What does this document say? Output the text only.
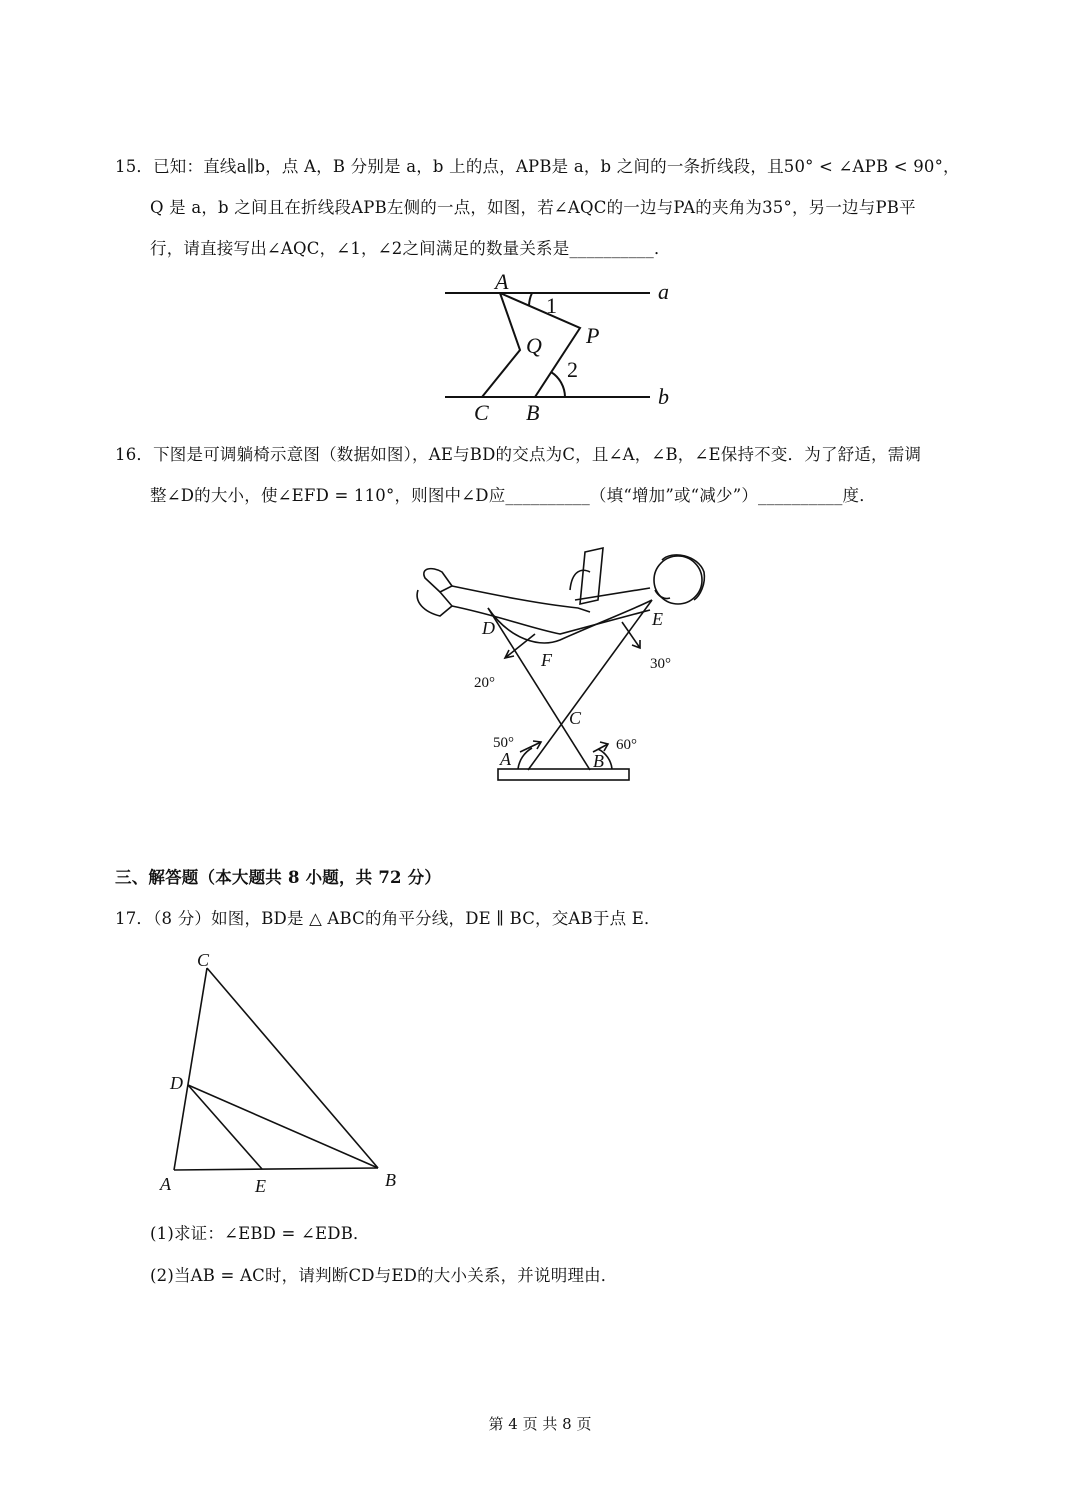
15．已知：直线a∥b，点 A，B 分别是 a，b 上的点，APB是 a，b 之间的一条折线段，且50° < ∠APB < 90°，
Q 是 a，b 之间且在折线段APB左侧的一点，如图，若∠AQC的一边与PA的夹角为35°，另一边与PB平
行，请直接写出∠AQC，∠1，∠2之间满足的数量关系是__________．
A	a
1
Q P
2
C B
b
16．下图是可调躺椅示意图（数据如图），AE与BD的交点为C，且∠A，∠B，∠E保持不变．为了舒适，需调
整∠D的大小，使∠EFD = 110°，则图中∠D应__________（填“增加”或“减少”）__________度．
D	E
F
C
A	B
20°
30°
50°	60°
三、解答题（本大题共 8 小题，共 72 分）
17．（8 分）如图，BD是 △ ABC的角平分线，DE ∥ BC，交AB于点 E．
C
D
A	E	B
(1)求证：∠EBD = ∠EDB．
(2)当AB = AC时，请判断CD与ED的大小关系，并说明理由．
第 4 页 共 8 页
